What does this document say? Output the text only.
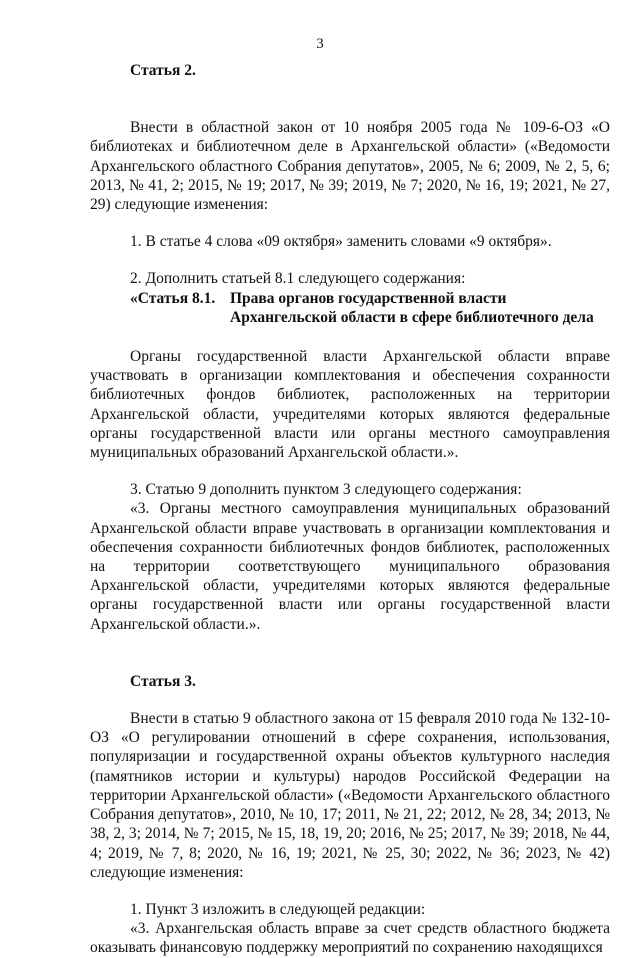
3

Статья 2.

Внести в областной закон от 10 ноября 2005 года № 109-6-ОЗ «О библиотеках и библиотечном деле в Архангельской области» («Ведомости Архангельского областного Собрания депутатов», 2005, № 6; 2009, № 2, 5, 6; 2013, № 41, 2; 2015, № 19; 2017, № 39; 2019, № 7; 2020, № 16, 19; 2021, № 27, 29) следующие изменения:

1. В статье 4 слова «09 октября» заменить словами «9 октября».

2. Дополнить статьей 8.1 следующего содержания:

«Статья 8.1. Права органов государственной власти Архангельской области в сфере библиотечного дела

Органы государственной власти Архангельской области вправе участвовать в организации комплектования и обеспечения сохранности библиотечных фондов библиотек, расположенных на территории Архангельской области, учредителями которых являются федеральные органы государственной власти или органы местного самоуправления муниципальных образований Архангельской области.».

3. Статью 9 дополнить пунктом 3 следующего содержания:

«3. Органы местного самоуправления муниципальных образований Архангельской области вправе участвовать в организации комплектования и обеспечения сохранности библиотечных фондов библиотек, расположенных на территории соответствующего муниципального образования Архангельской области, учредителями которых являются федеральные органы государственной власти или органы государственной власти Архангельской области.».

Статья 3.

Внести в статью 9 областного закона от 15 февраля 2010 года № 132-10-ОЗ «О регулировании отношений в сфере сохранения, использования, популяризации и государственной охраны объектов культурного наследия (памятников истории и культуры) народов Российской Федерации на территории Архангельской области» («Ведомости Архангельского областного Собрания депутатов», 2010, № 10, 17; 2011, № 21, 22; 2012, № 28, 34; 2013, № 38, 2, 3; 2014, № 7; 2015, № 15, 18, 19, 20; 2016, № 25; 2017, № 39; 2018, № 44, 4; 2019, № 7, 8; 2020, № 16, 19; 2021, № 25, 30; 2022, № 36; 2023, № 42) следующие изменения:

1. Пункт 3 изложить в следующей редакции:

«3. Архангельская область вправе за счет средств областного бюджета оказывать финансовую поддержку мероприятий по сохранению находящихся
